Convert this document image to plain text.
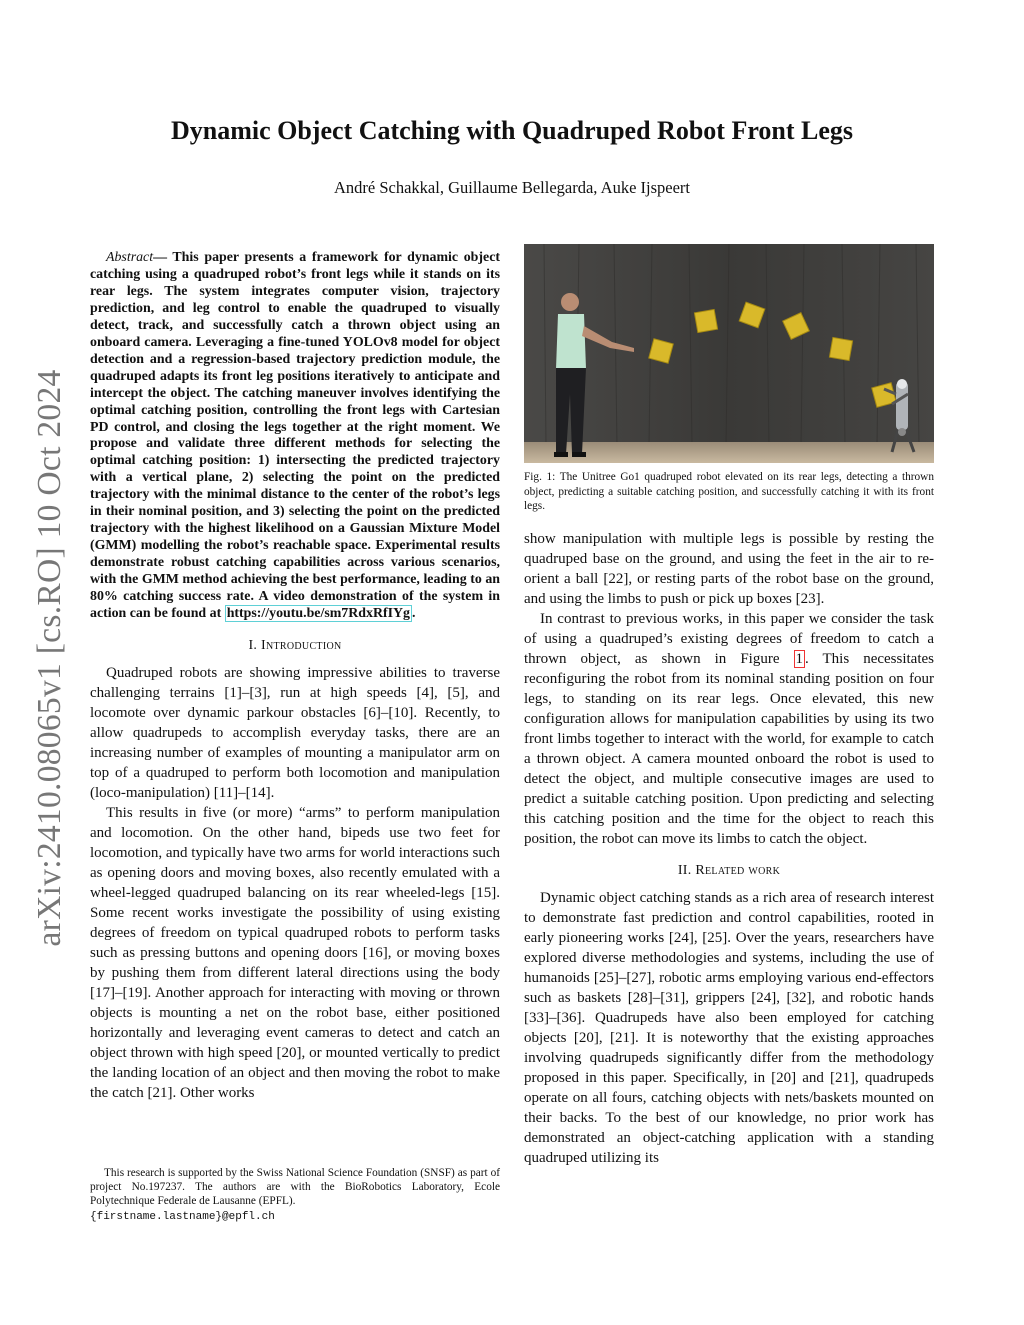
arXiv:2410.08065v1 [cs.RO] 10 Oct 2024
Dynamic Object Catching with Quadruped Robot Front Legs
André Schakkal, Guillaume Bellegarda, Auke Ijspeert

Abstract— This paper presents a framework for dynamic object catching using a quadruped robot’s front legs while it stands on its rear legs. The system integrates computer vision, trajectory prediction, and leg control to enable the quadruped to visually detect, track, and successfully catch a thrown object using an onboard camera. Leveraging a fine-tuned YOLOv8 model for object detection and a regression-based trajectory prediction module, the quadruped adapts its front leg positions iteratively to anticipate and intercept the object. The catching maneuver involves identifying the optimal catching position, controlling the front legs with Cartesian PD control, and closing the legs together at the right moment. We propose and validate three different methods for selecting the optimal catching position: 1) intersecting the predicted trajectory with a vertical plane, 2) selecting the point on the predicted trajectory with the minimal distance to the center of the robot’s legs in their nominal position, and 3) selecting the point on the predicted trajectory with the highest likelihood on a Gaussian Mixture Model (GMM) modelling the robot’s reachable space. Experimental results demonstrate robust catching capabilities across various scenarios, with the GMM method achieving the best performance, leading to an 80% catching success rate. A video demonstration of the system in action can be found at https://youtu.be/sm7RdxRfIYg .

I. Introduction

Quadruped robots are showing impressive abilities to traverse challenging terrains [1]–[3], run at high speeds [4], [5], and locomote over dynamic parkour obstacles [6]–[10]. Recently, to allow quadrupeds to accomplish everyday tasks, there are an increasing number of examples of mounting a manipulator arm on top of a quadruped to perform both locomotion and manipulation (loco-manipulation) [11]–[14].

This results in five (or more) “arms” to perform manipulation and locomotion. On the other hand, bipeds use two feet for locomotion, and typically have two arms for world interactions such as opening doors and moving boxes, also recently emulated with a wheel-legged quadruped balancing on its rear wheeled-legs [15]. Some recent works investigate the possibility of using existing degrees of freedom on typical quadruped robots to perform tasks such as pressing buttons and opening doors [16], or moving boxes by pushing them from different lateral directions using the body [17]–[19]. Another approach for interacting with moving or thrown objects is mounting a net on the robot base, either positioned horizontally and leveraging event cameras to detect and catch an object thrown with high speed [20], or mounted vertically to predict the landing location of an object and then moving the robot to make the catch [21]. Other works

This research is supported by the Swiss National Science Foundation (SNSF) as part of project No.197237. The authors are with the BioRobotics Laboratory, Ecole Polytechnique Federale de Lausanne (EPFL).
{firstname.lastname}@epfl.ch

Fig. 1: The Unitree Go1 quadruped robot elevated on its rear legs, detecting a thrown object, predicting a suitable catching position, and successfully catching it with its front legs.

show manipulation with multiple legs is possible by resting the quadruped base on the ground, and using the feet in the air to re-orient a ball [22], or resting parts of the robot base on the ground, and using the limbs to push or pick up boxes [23].

In contrast to previous works, in this paper we consider the task of using a quadruped’s existing degrees of freedom to catch a thrown object, as shown in Figure 1 . This necessitates reconfiguring the robot from its nominal standing position on four legs, to standing on its rear legs. Once elevated, this new configuration allows for manipulation capabilities by using its two front limbs together to interact with the world, for example to catch a thrown object. A camera mounted onboard the robot is used to detect the object, and multiple consecutive images are used to predict a suitable catching position. Upon predicting and selecting this catching position and the time for the object to reach this position, the robot can move its limbs to catch the object.

II. Related work

Dynamic object catching stands as a rich area of research interest to demonstrate fast prediction and control capabilities, rooted in early pioneering works [24], [25]. Over the years, researchers have explored diverse methodologies and systems, including the use of humanoids [25]–[27], robotic arms employing various end-effectors such as baskets [28]–[31], grippers [24], [32], and robotic hands [33]–[36]. Quadrupeds have also been employed for catching objects [20], [21]. It is noteworthy that the existing approaches involving quadrupeds significantly differ from the methodology proposed in this paper. Specifically, in [20] and [21], quadrupeds operate on all fours, catching objects with nets/baskets mounted on their backs. To the best of our knowledge, no prior work has demonstrated an object-catching application with a standing quadruped utilizing its
